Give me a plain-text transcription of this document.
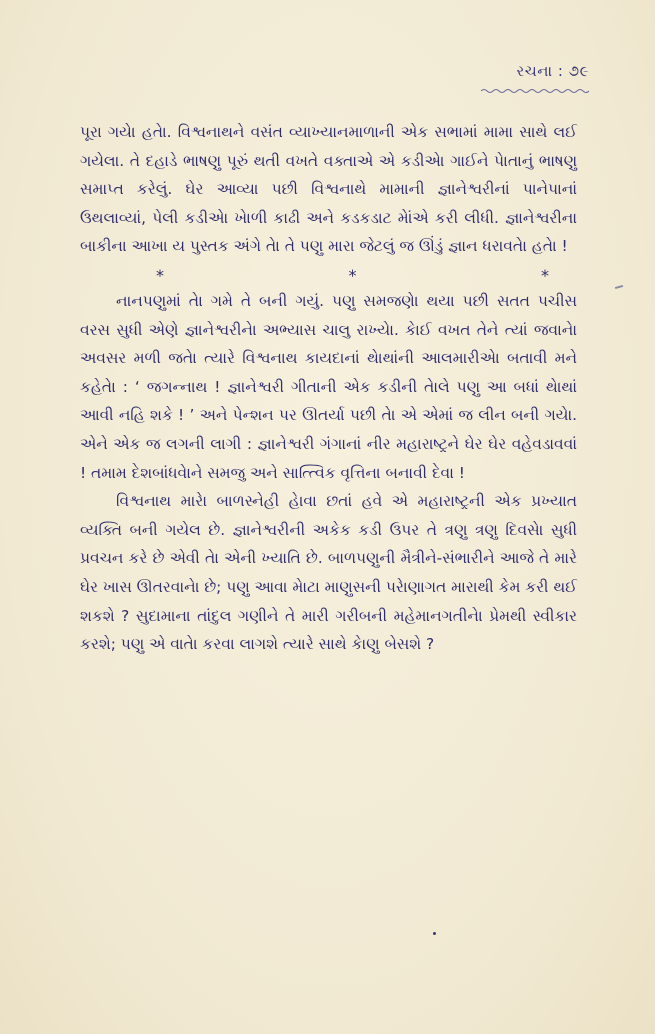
રચના : ૭૯

પૂરા ગયેા હતેા. વિશ્વનાથને વસંત વ્યાખ્યાનમાળાની એક સભામાં મામા સાથે લઈ ગયેલા. તે દહાડે ભાષણુ પૂરું થતી વખતે વક્તાએ એ કડીએા ગાઈને પેાતાનું ભાષણુ સમાપ્ત કરેલું. ઘેર આવ્યા પછી વિશ્વનાથે મામાની જ્ઞાનેશ્વરીનાં પાનેપાનાં ઉથલાવ્યાં, પેલી કડીએા ખેાળી કાઢી અને કડકડાટ મેાંએ કરી લીધી. જ્ઞાનેશ્વરીના બાકીના આખા ય પુસ્તક અંગે તેા તે પણુ મારા જેટલું જ ઊંડું જ્ઞાન ધરાવતેા હતેા !

*	*	*

નાનપણુમાં તેા ગમે તે બની ગયું. પણુ સમજણેા થયા પછી સતત પચીસ વરસ સુધી એણે જ્ઞાનેશ્વરીનેા અભ્યાસ ચાલુ રાખ્યેા. કેાઈ વખત તેને ત્યાં જવાનેા અવસર મળી જતેા ત્યારે વિશ્વનાથ કાયદાનાં થેાથાંની આલમારીએા બતાવી મને કહેતેા : ‘ જગન્નાથ ! જ્ઞાનેશ્વરી ગીતાની એક કડીની તેાલે પણુ આ બધાં થેાથાં આવી નહિ શકે ! ’ અને પેન્શન પર ઊતર્યા પછી તેા એ એમાં જ લીન બની ગયેા. એને એક જ લગની લાગી : જ્ઞાનેશ્વરી ગંગાનાં નીર મહારાષ્ટ્રને ઘેર ઘેર વહેવડાવવાં ! તમામ દેશબાંધવેાને સમજુ અને સાત્ત્વિક વૃત્તિના બનાવી દેવા !

વિશ્વનાથ મારેા બાળસ્નેહી હેાવા છતાં હવે એ મહારાષ્ટ્રની એક પ્રખ્યાત વ્યક્તિ બની ગયેલ છે. જ્ઞાનેશ્વરીની અકેક કડી ઉપર તે ત્રણુ ત્રણુ દિવસેા સુધી પ્રવચન કરે છે એવી તેા એની ખ્યાતિ છે. બાળપણુની મૈત્રીને-સંભારીને આજે તે મારે ઘેર ખાસ ઊતરવાનેા છે; પણુ આવા મેાટા માણુસની પરેાણાગત મારાથી કેમ કરી થઈ શકશે ? સુદામાના તાંદુલ ગણીને તે મારી ગરીબની મહેમાનગતીનેા પ્રેમથી સ્વીકાર કરશે; પણુ એ વાતેા કરવા લાગશે ત્યારે સાથે કેાણુ બેસશે ?
